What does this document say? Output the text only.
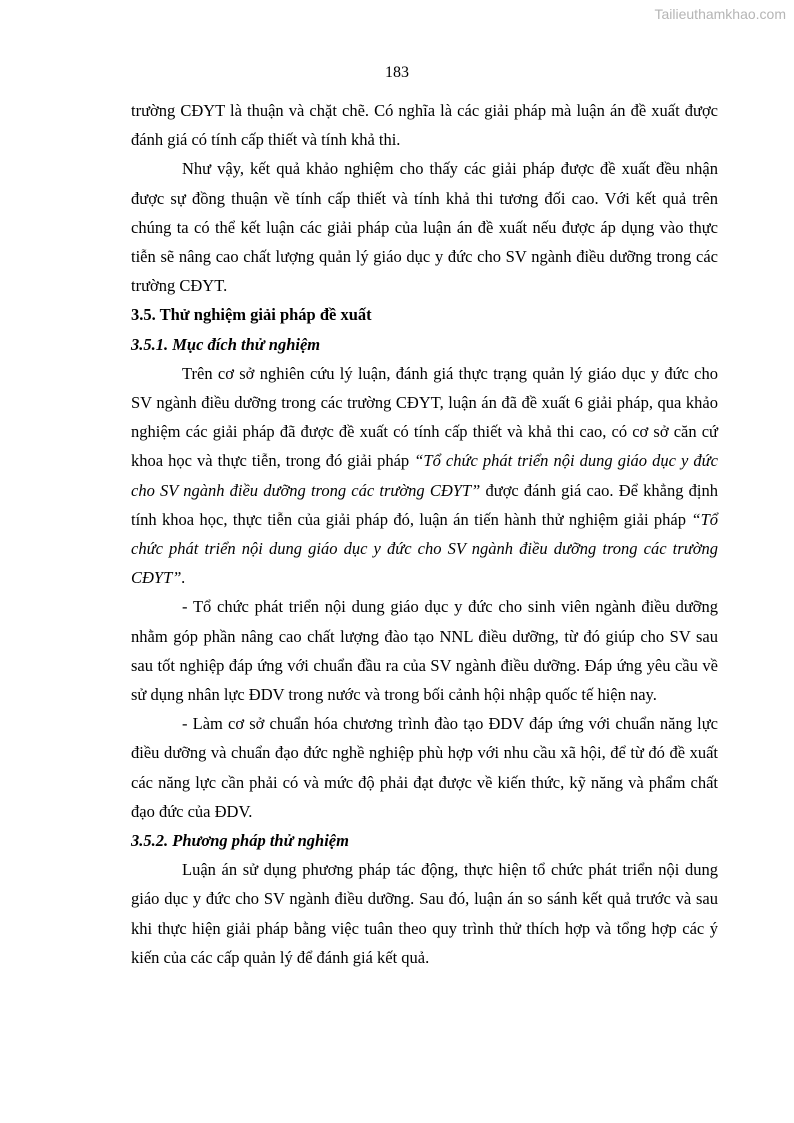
Tailieuthamkhao.com
183

trường CĐYT là thuận và chặt chẽ. Có nghĩa là các giải pháp mà luận án đề xuất được đánh giá có tính cấp thiết và tính khả thi.

Như vậy, kết quả khảo nghiệm cho thấy các giải pháp được đề xuất đều nhận được sự đồng thuận về tính cấp thiết và tính khả thi tương đối cao. Với kết quả trên chúng ta có thể kết luận các giải pháp của luận án đề xuất nếu được áp dụng vào thực tiễn sẽ nâng cao chất lượng quản lý giáo dục y đức cho SV ngành điều dưỡng trong các trường CĐYT.

3.5. Thử nghiệm giải pháp đề xuất

3.5.1. Mục đích thử nghiệm

Trên cơ sở nghiên cứu lý luận, đánh giá thực trạng quản lý giáo dục y đức cho SV ngành điều dưỡng trong các trường CĐYT, luận án đã đề xuất 6 giải pháp, qua khảo nghiệm các giải pháp đã được đề xuất có tính cấp thiết và khả thi cao, có cơ sở căn cứ khoa học và thực tiễn, trong đó giải pháp “Tổ chức phát triển nội dung giáo dục y đức cho SV ngành điều dưỡng trong các trường CĐYT” được đánh giá cao. Để khẳng định tính khoa học, thực tiễn của giải pháp đó, luận án tiến hành thử nghiệm giải pháp “Tổ chức phát triển nội dung giáo dục y đức cho SV ngành điều dưỡng trong các trường CĐYT”.

- Tổ chức phát triển nội dung giáo dục y đức cho sinh viên ngành điều dưỡng nhằm góp phần nâng cao chất lượng đào tạo NNL điều dưỡng, từ đó giúp cho SV sau sau tốt nghiệp đáp ứng với chuẩn đầu ra của SV ngành điều dưỡng. Đáp ứng yêu cầu về sử dụng nhân lực ĐDV trong nước và trong bối cảnh hội nhập quốc tế hiện nay.

- Làm cơ sở chuẩn hóa chương trình đào tạo ĐDV đáp ứng với chuẩn năng lực điều dưỡng và chuẩn đạo đức nghề nghiệp phù hợp với nhu cầu xã hội, để từ đó đề xuất các năng lực cần phải có và mức độ phải đạt được về kiến thức, kỹ năng và phẩm chất đạo đức của ĐDV.

3.5.2. Phương pháp thử nghiệm

Luận án sử dụng phương pháp tác động, thực hiện tổ chức phát triển nội dung giáo dục y đức cho SV ngành điều dưỡng. Sau đó, luận án so sánh kết quả trước và sau khi thực hiện giải pháp bằng việc tuân theo quy trình thử thích hợp và tổng hợp các ý kiến của các cấp quản lý để đánh giá kết quả.
